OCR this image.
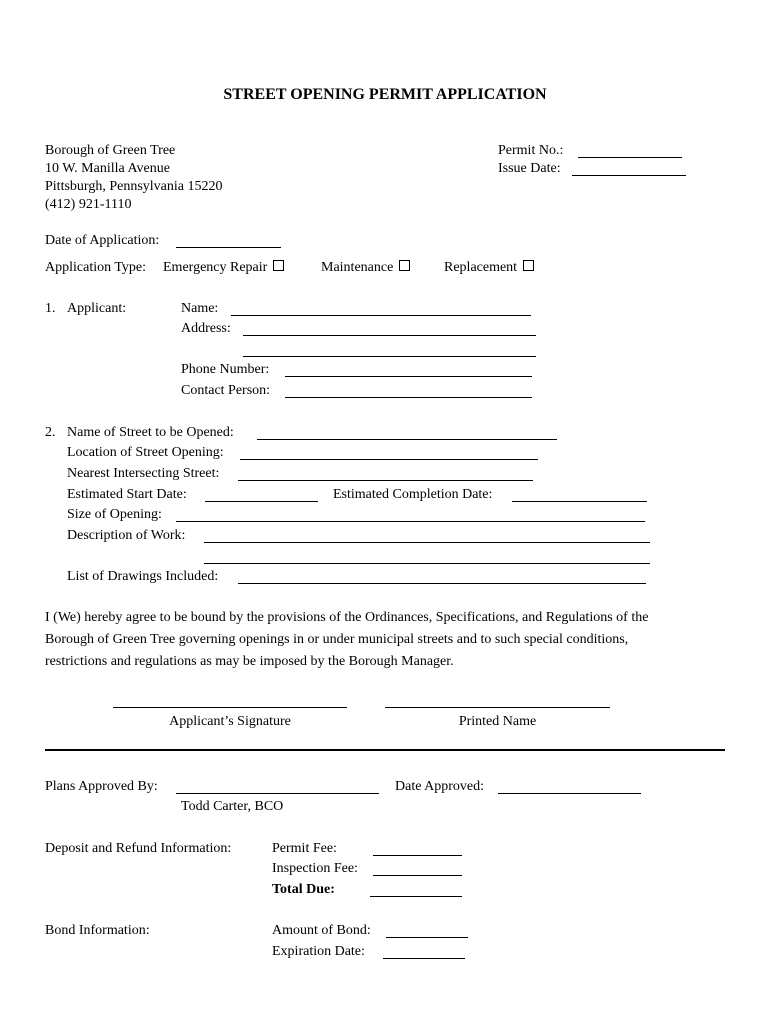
STREET OPENING PERMIT APPLICATION
Borough of Green Tree
10 W. Manilla Avenue
Pittsburgh, Pennsylvania 15220
(412) 921-1110
Permit No.:
Issue Date:
Date of Application:
Application Type: Emergency Repair	Maintenance	Replacement
1. Applicant:	Name:
Address:
Phone Number:
Contact Person:
2. Name of Street to be Opened:
Location of Street Opening:
Nearest Intersecting Street:
Estimated Start Date:	Estimated Completion Date:
Size of Opening:
Description of Work:
List of Drawings Included:
I (We) hereby agree to be bound by the provisions of the Ordinances, Specifications, and Regulations of the
Borough of Green Tree governing openings in or under municipal streets and to such special conditions,
restrictions and regulations as may be imposed by the Borough Manager.
Applicant’s Signature	Printed Name
Plans Approved By:
Todd Carter, BCO
Date Approved:
Deposit and Refund Information:	Permit Fee:
Inspection Fee:
Total Due:
Bond Information:	Amount of Bond:
Expiration Date:
